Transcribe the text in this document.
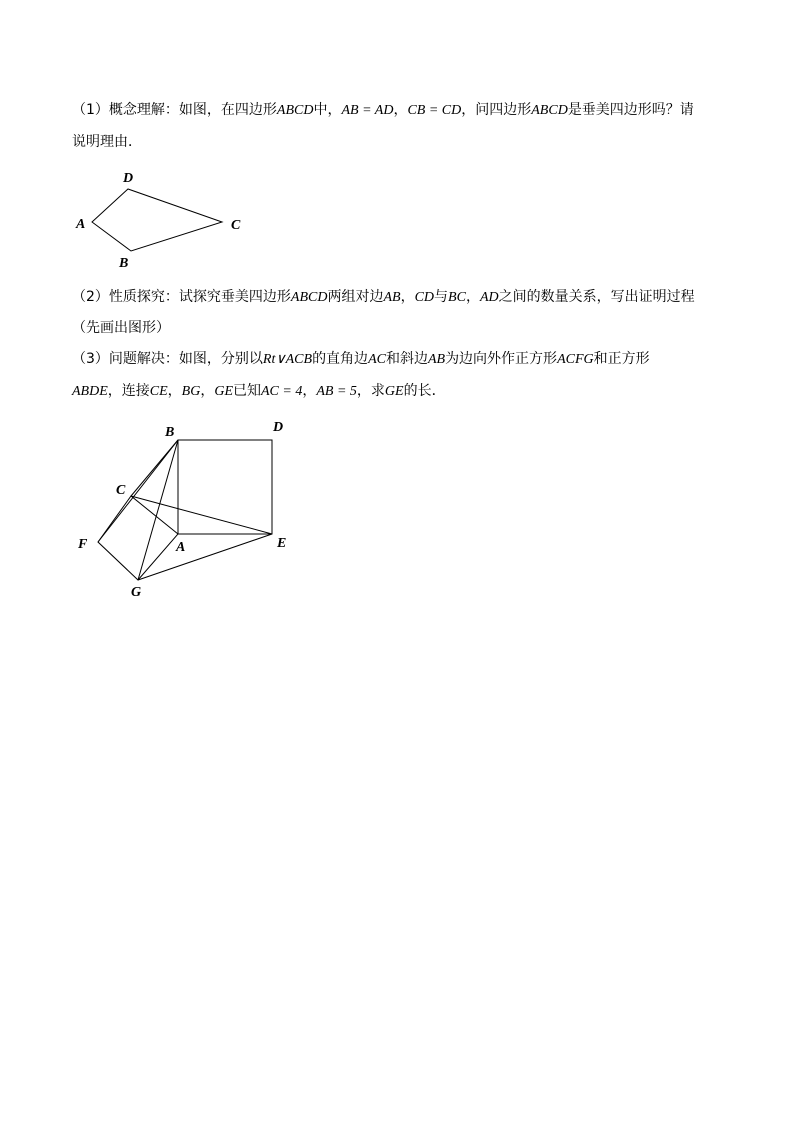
（1）概念理解：如图，在四边形ABCD中，AB = AD，CB = CD，问四边形ABCD是垂美四边形吗？请
说明理由．
D
A	C
B
（2）性质探究：试探究垂美四边形ABCD两组对边AB，CD与BC，AD之间的数量关系，写出证明过程
（先画出图形）
（3）问题解决：如图，分别以Rt∨ACB的直角边AC和斜边AB为边向外作正方形ACFG和正方形
ABDE，连接CE，BG，GE已知AC = 4，AB = 5，求GE的长．
B	D
C
F	A	E
G
